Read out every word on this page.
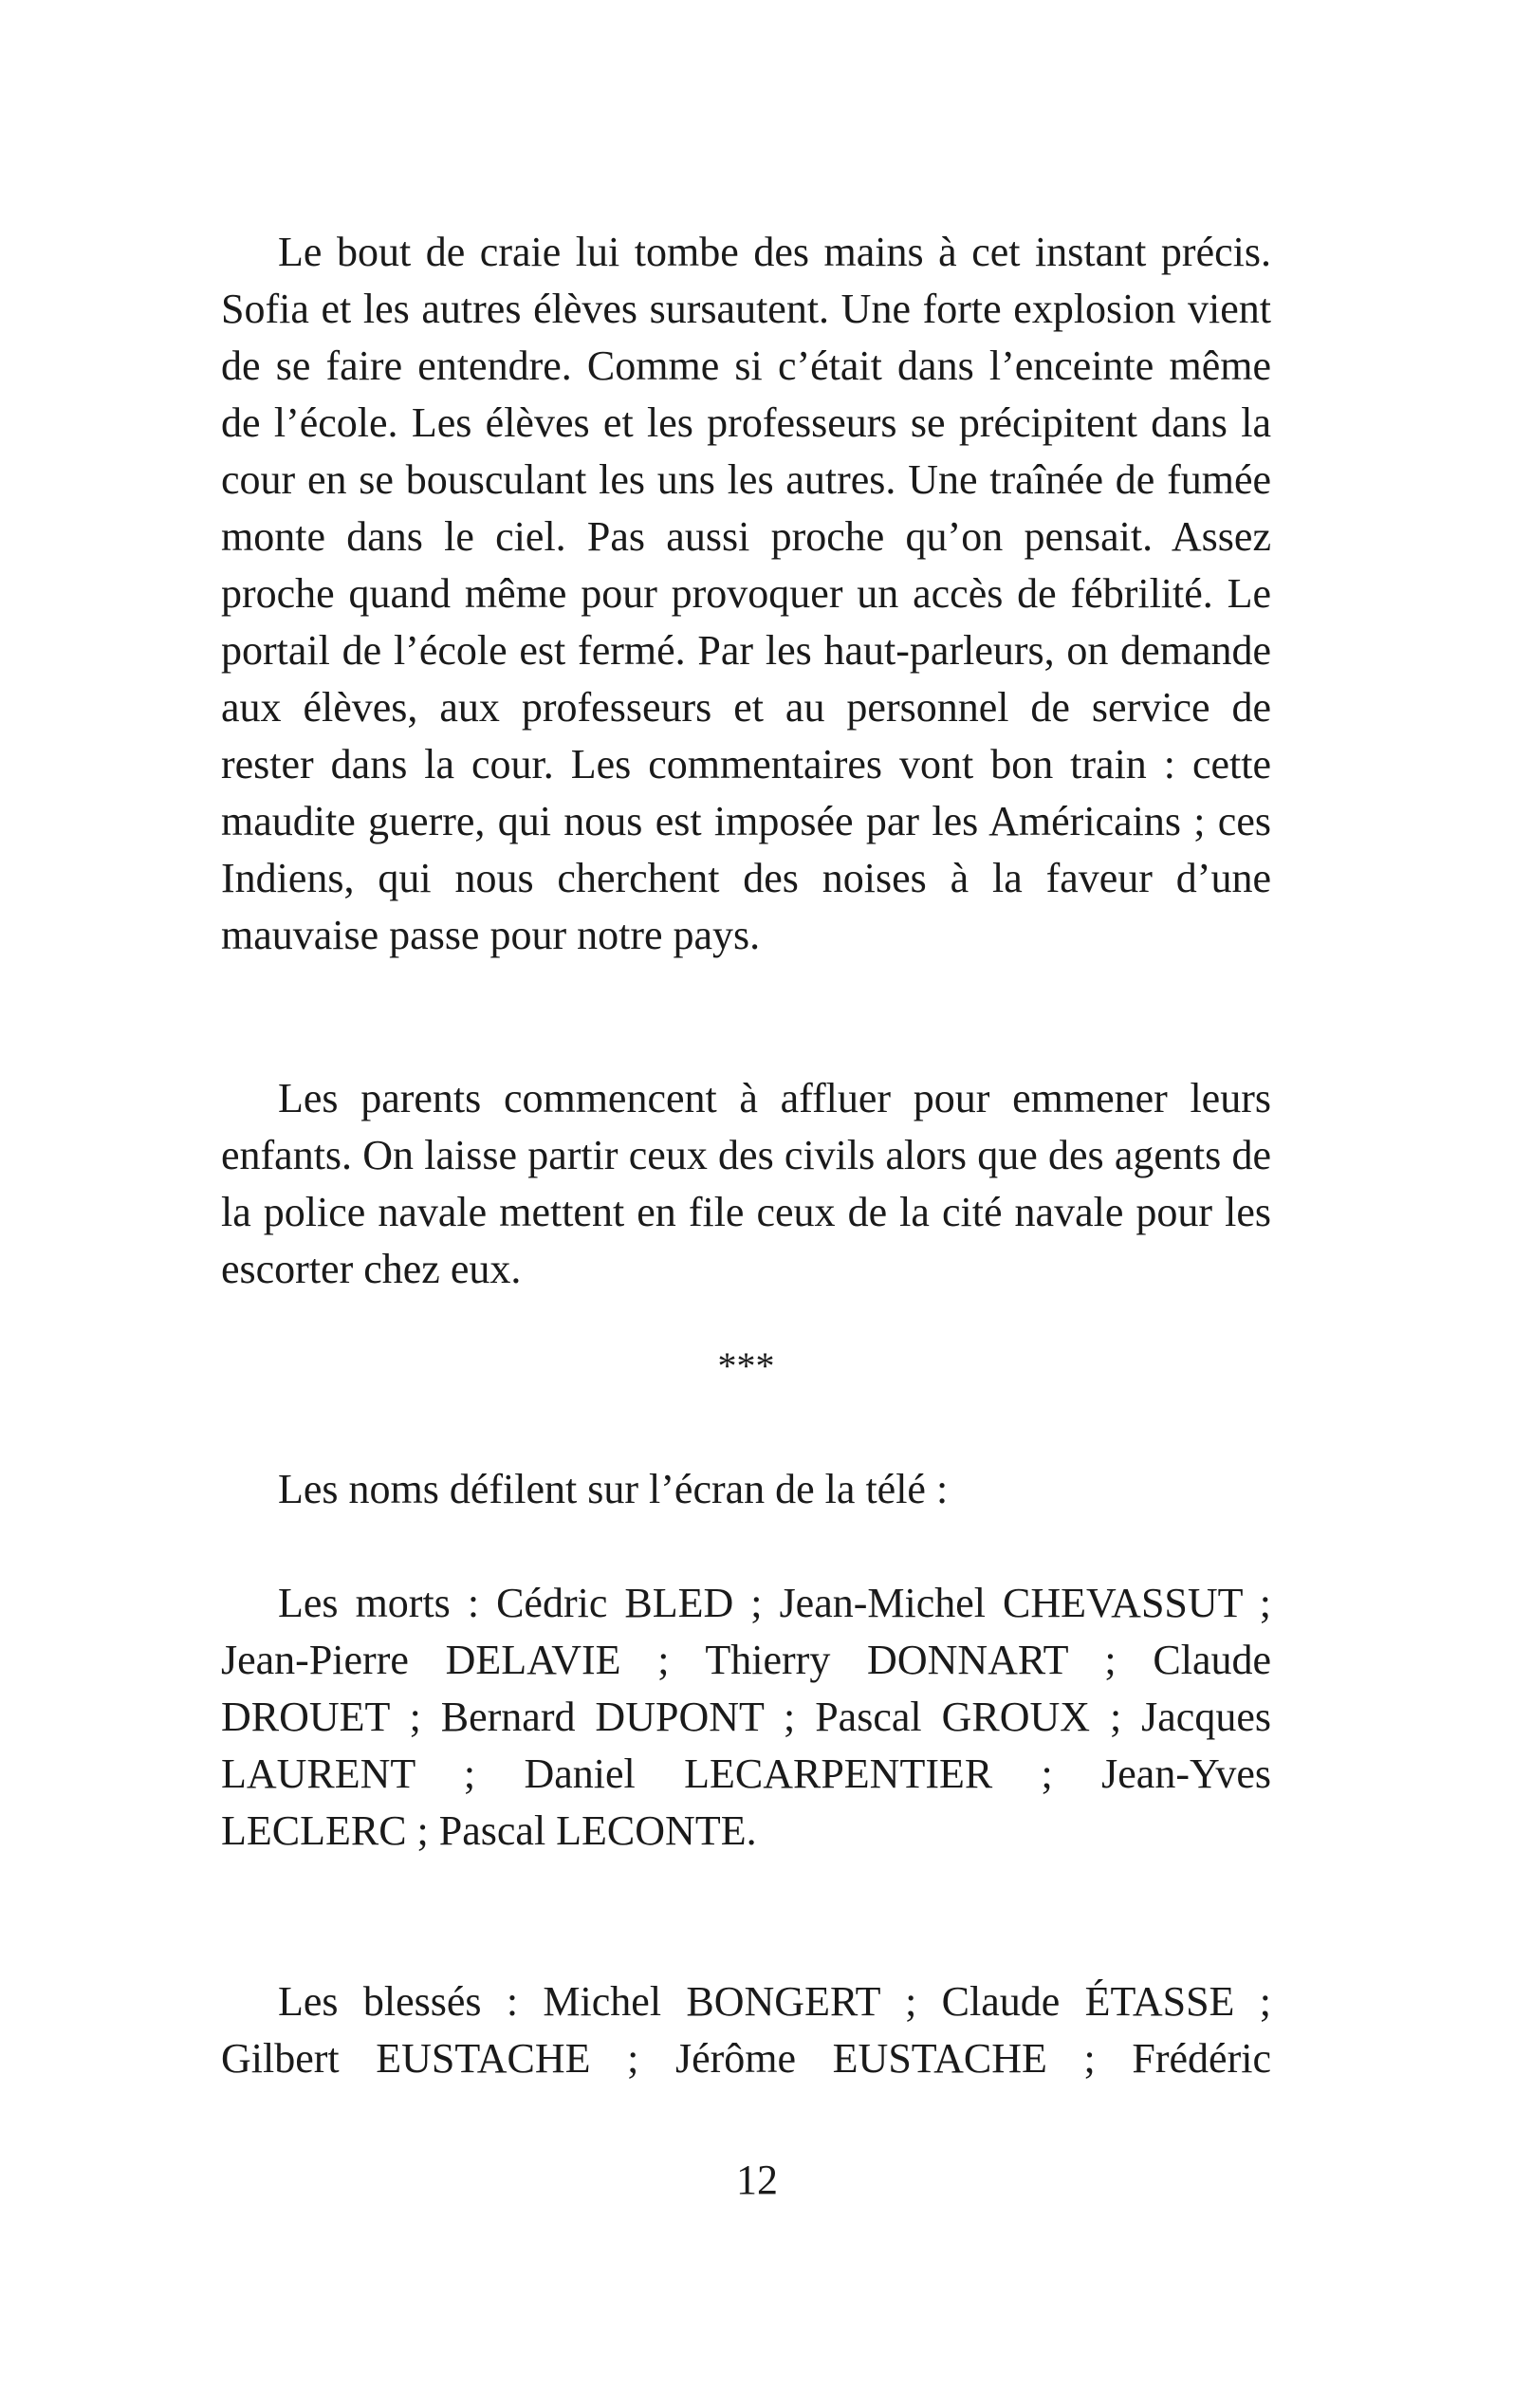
Le bout de craie lui tombe des mains à cet instant précis. Sofia et les autres élèves sursautent. Une forte explosion vient de se faire entendre. Comme si c’était dans l’enceinte même de l’école. Les élèves et les professeurs se précipitent dans la cour en se bousculant les uns les autres. Une traînée de fumée monte dans le ciel. Pas aussi proche qu’on pensait. Assez proche quand même pour provoquer un accès de fébrilité. Le portail de l’école est fermé. Par les haut-parleurs, on demande aux élèves, aux professeurs et au personnel de service de rester dans la cour. Les commentaires vont bon train : cette maudite guerre, qui nous est imposée par les Américains ; ces Indiens, qui nous cherchent des noises à la faveur d’une mauvaise passe pour notre pays.

Les parents commencent à affluer pour emmener leurs enfants. On laisse partir ceux des civils alors que des agents de la police navale mettent en file ceux de la cité navale pour les escorter chez eux.

***

Les noms défilent sur l’écran de la télé :

Les morts : Cédric BLED ; Jean-Michel CHEVASSUT ; Jean-Pierre DELAVIE ; Thierry DONNART ; Claude DROUET ; Bernard DUPONT ; Pascal GROUX ; Jacques LAURENT ; Daniel LECARPENTIER ; Jean-Yves LECLERC ; Pascal LECONTE.

Les blessés : Michel BONGERT ; Claude ÉTASSE ; Gilbert EUSTACHE ; Jérôme EUSTACHE ; Frédéric

12
